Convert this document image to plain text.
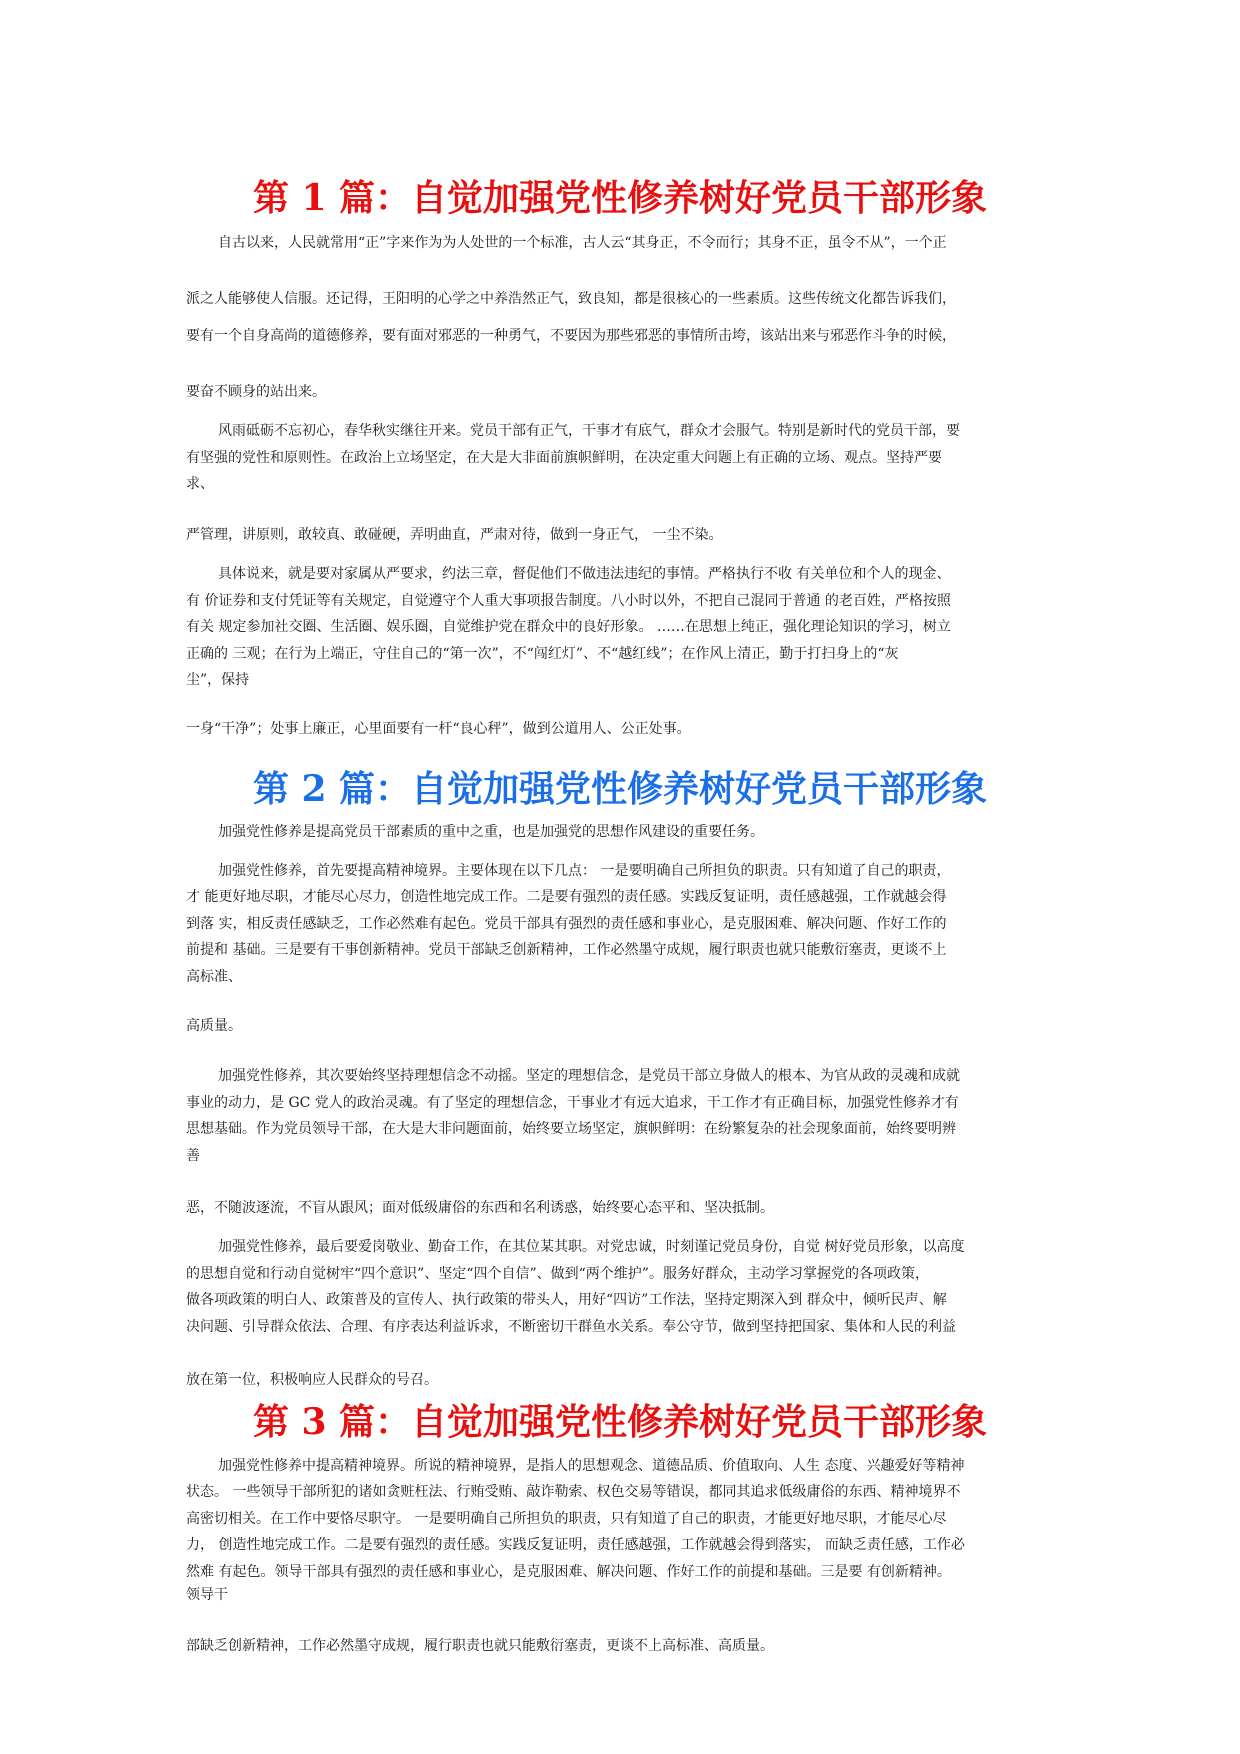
第 1 篇：自觉加强党性修养树好党员干部形象

自古以来，人民就常用“正”字来作为为人处世的一个标准，古人云“其身正，不令而行；其身不正，虽令不从”，一个正

派之人能够使人信服。还记得，王阳明的心学之中养浩然正气，致良知，都是很核心的一些素质。这些传统文化都告诉我们，

要有一个自身高尚的道德修养，要有面对邪恶的一种勇气，不要因为那些邪恶的事情所击垮，该站出来与邪恶作斗争的时候，

要奋不顾身的站出来。

风雨砥砺不忘初心，春华秋实继往开来。党员干部有正气，干事才有底气，群众才会服气。特别是新时代的党员干部，要

有坚强的党性和原则性。在政治上立场坚定，在大是大非面前旗帜鲜明，在决定重大问题上有正确的立场、观点。坚持严要

求、

严管理，讲原则，敢较真、敢碰硬，弄明曲直，严肃对待，做到一身正气， 一尘不染。

具体说来，就是要对家属从严要求，约法三章，督促他们不做违法违纪的事情。严格执行不收 有关单位和个人的现金、

有 价证券和支付凭证等有关规定，自觉遵守个人重大事项报告制度。八小时以外，不把自己混同于普通 的老百姓，严格按照

有关 规定参加社交圈、生活圈、娱乐圈，自觉维护党在群众中的良好形象。 ……在思想上纯正，强化理论知识的学习，树立

正确的 三观；在行为上端正，守住自己的“第一次”，不“闯红灯”、不“越红线”；在作风上清正，勤于打扫身上的“灰

尘”，保持

一身“干净”；处事上廉正，心里面要有一杆“良心秤”，做到公道用人、公正处事。

第 2 篇：自觉加强党性修养树好党员干部形象

加强党性修养是提高党员干部素质的重中之重，也是加强党的思想作风建设的重要任务。

加强党性修养，首先要提高精神境界。主要体现在以下几点： 一是要明确自己所担负的职责。只有知道了自己的职责，

才 能更好地尽职，才能尽心尽力，创造性地完成工作。二是要有强烈的责任感。实践反复证明，责任感越强，工作就越会得

到落 实，相反责任感缺乏，工作必然难有起色。党员干部具有强烈的责任感和事业心，是克服困难、解决问题、作好工作的

前提和 基础。三是要有干事创新精神。党员干部缺乏创新精神，工作必然墨守成规，履行职责也就只能敷衍塞责，更谈不上

高标准、

高质量。

加强党性修养，其次要始终坚持理想信念不动摇。坚定的理想信念，是党员干部立身做人的根本、为官从政的灵魂和成就

事业的动力，是 GC 党人的政治灵魂。有了坚定的理想信念，干事业才有远大追求，干工作才有正确目标，加强党性修养才有

思想基础。作为党员领导干部，在大是大非问题面前，始终要立场坚定，旗帜鲜明：在纷繁复杂的社会现象面前，始终要明辨

善

恶，不随波逐流，不盲从跟风；面对低级庸俗的东西和名利诱惑，始终要心态平和、坚决抵制。

加强党性修养，最后要爱岗敬业、勤奋工作，在其位某其职。对党忠诚，时刻谨记党员身份，自觉 树好党员形象，以高度

的思想自觉和行动自觉树牢“四个意识”、坚定“四个自信”、做到“两个维护”。服务好群众，主动学习掌握党的各项政策，

做各项政策的明白人、政策普及的宣传人、执行政策的带头人，用好“四访”工作法，坚持定期深入到 群众中，倾听民声、解

决问题、引导群众依法、合理、有序表达利益诉求，不断密切干群鱼水关系。奉公守节，做到坚持把国家、集体和人民的利益

放在第一位，积极响应人民群众的号召。

第 3 篇：自觉加强党性修养树好党员干部形象

加强党性修养中提高精神境界。所说的精神境界，是指人的思想观念、道德品质、价值取向、人生 态度、兴趣爱好等精神

状态。 一些领导干部所犯的诸如贪赃枉法、行贿受贿、敲诈勒索、权色交易等错误，都同其追求低级庸俗的东西、精神境界不

高密切相关。在工作中要恪尽职守。 一是要明确自己所担负的职责，只有知道了自己的职责，才能更好地尽职，才能尽心尽

力， 创造性地完成工作。二是要有强烈的责任感。实践反复证明，责任感越强，工作就越会得到落实， 而缺乏责任感，工作必

然难 有起色。领导干部具有强烈的责任感和事业心，是克服困难、解决问题、作好工作的前提和基础。三是要 有创新精神。

领导干

部缺乏创新精神，工作必然墨守成规，履行职责也就只能敷衍塞责，更谈不上高标准、高质量。
